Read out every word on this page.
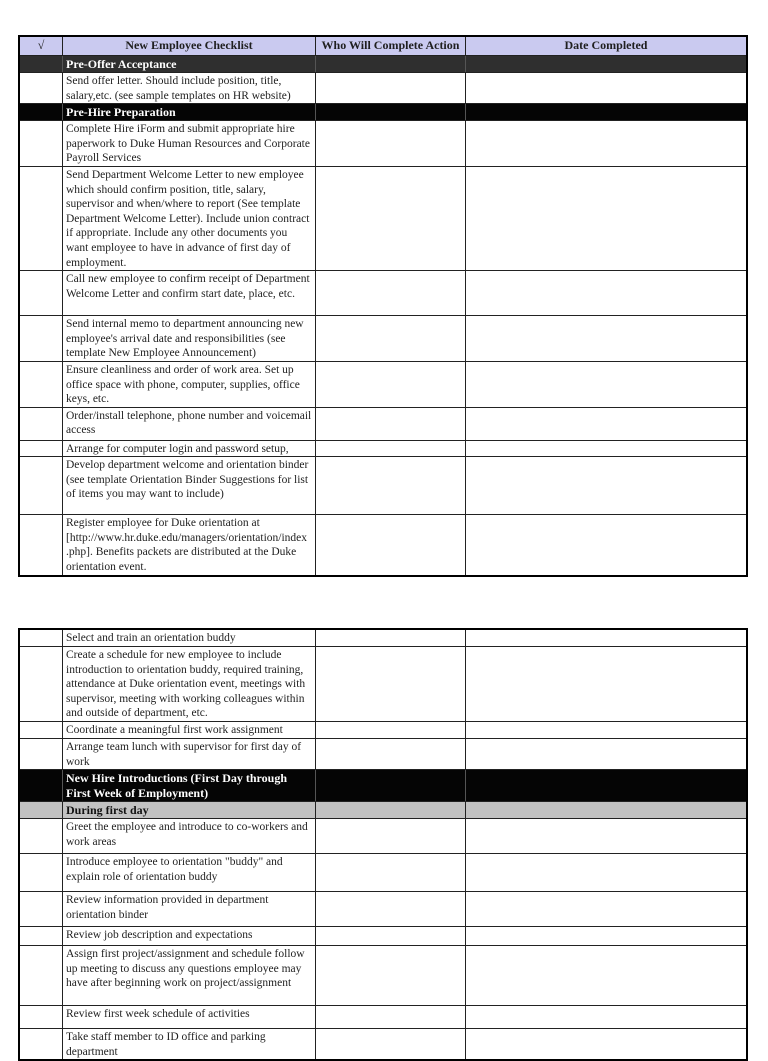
√	New Employee Checklist	Who Will Complete Action	Date Completed
Pre-Offer Acceptance
Send offer letter. Should include position, title, salary,etc. (see sample templates on HR website)
Pre-Hire Preparation
Complete Hire iForm and submit appropriate hire paperwork to Duke Human Resources and Corporate Payroll Services
Send Department Welcome Letter to new employee which should confirm position, title, salary, supervisor and when/where to report (See template Department Welcome Letter). Include union contract if appropriate. Include any other documents you want employee to have in advance of first day of employment.
Call new employee to confirm receipt of Department Welcome Letter and confirm start date, place, etc.
Send internal memo to department announcing new employee's arrival date and responsibilities (see template New Employee Announcement)
Ensure cleanliness and order of work area. Set up office space with phone, computer, supplies, office keys, etc.
Order/install telephone, phone number and voicemail access
Arrange for computer login and password setup,
Develop department welcome and orientation binder (see template Orientation Binder Suggestions for list of items you may want to include)
Register employee for Duke orientation at [http://www.hr.duke.edu/managers/orientation/index .php]. Benefits packets are distributed at the Duke orientation event.
Select and train an orientation buddy
Create a schedule for new employee to include introduction to orientation buddy, required training, attendance at Duke orientation event, meetings with supervisor, meeting with working colleagues within and outside of department, etc.
Coordinate a meaningful first work assignment
Arrange team lunch with supervisor for first day of work
New Hire Introductions (First Day through First Week of Employment)
During first day
Greet the employee and introduce to co-workers and work areas
Introduce employee to orientation "buddy" and explain role of orientation buddy
Review information provided in department orientation binder
Review job description and expectations
Assign first project/assignment and schedule follow up meeting to discuss any questions employee may have after beginning work on project/assignment
Review first week schedule of activities
Take staff member to ID office and parking department
